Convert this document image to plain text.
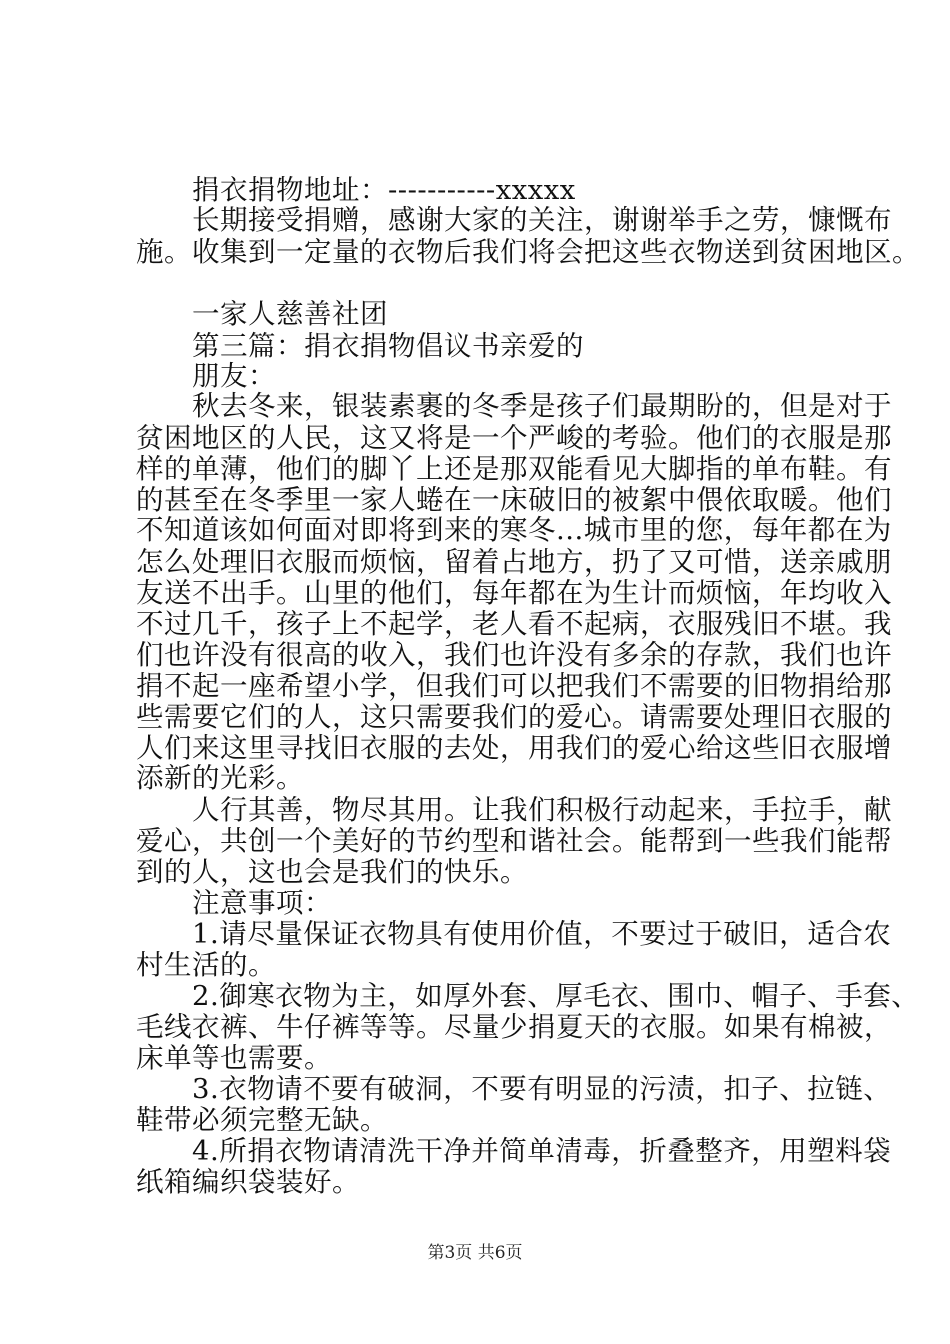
　　捐衣捐物地址：-----------xxxxx
　　长期接受捐赠，感谢大家的关注，谢谢举手之劳，慷慨布
施。收集到一定量的衣物后我们将会把这些衣物送到贫困地区。
　　一家人慈善社团
　　第三篇：捐衣捐物倡议书亲爱的
　　朋友：
　　秋去冬来，银装素裹的冬季是孩子们最期盼的，但是对于
贫困地区的人民，这又将是一个严峻的考验。他们的衣服是那
样的单薄，他们的脚丫上还是那双能看见大脚指的单布鞋。有
的甚至在冬季里一家人蜷在一床破旧的被絮中偎依取暖。他们
不知道该如何面对即将到来的寒冬...城市里的您，每年都在为
怎么处理旧衣服而烦恼，留着占地方，扔了又可惜，送亲戚朋
友送不出手。山里的他们，每年都在为生计而烦恼，年均收入
不过几千，孩子上不起学，老人看不起病，衣服残旧不堪。我
们也许没有很高的收入，我们也许没有多余的存款，我们也许
捐不起一座希望小学，但我们可以把我们不需要的旧物捐给那
些需要它们的人，这只需要我们的爱心。请需要处理旧衣服的
人们来这里寻找旧衣服的去处，用我们的爱心给这些旧衣服增
添新的光彩。
　　人行其善，物尽其用。让我们积极行动起来，手拉手，献
爱心，共创一个美好的节约型和谐社会。能帮到一些我们能帮
到的人，这也会是我们的快乐。
　　注意事项：
　　1.请尽量保证衣物具有使用价值，不要过于破旧，适合农
村生活的。
　　2.御寒衣物为主，如厚外套、厚毛衣、围巾、帽子、手套、
毛线衣裤、牛仔裤等等。尽量少捐夏天的衣服。如果有棉被，
床单等也需要。
　　3.衣物请不要有破洞，不要有明显的污渍，扣子、拉链、
鞋带必须完整无缺。
　　4.所捐衣物请清洗干净并简单清毒，折叠整齐，用塑料袋
纸箱编织袋装好。
第3页 共6页
